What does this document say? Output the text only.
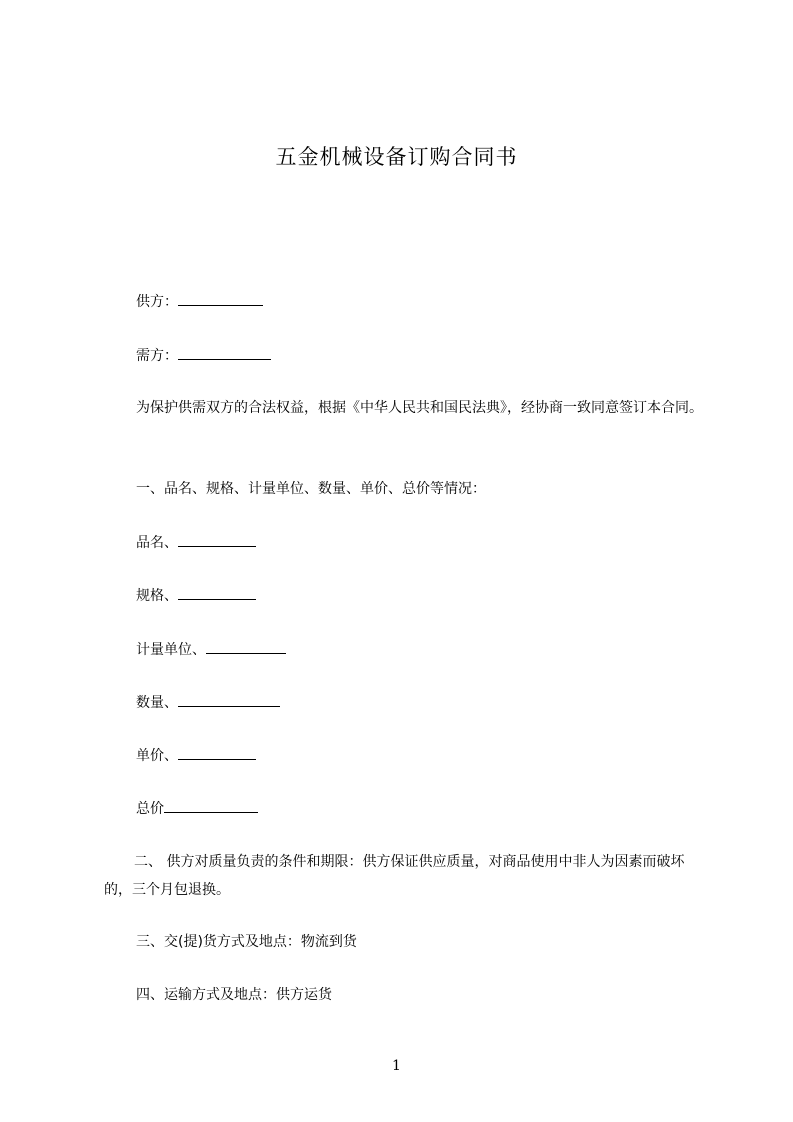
五金机械设备订购合同书
供方：
需方：
为保护供需双方的合法权益，根据《中华人民共和国民法典》，经协商一致同意签订本合同。
一、品名、规格、计量单位、数量、单价、总价等情况：
品名、
规格、
计量单位、
数量、
单价、
总价
二、 供方对质量负责的条件和期限：供方保证供应质量，对商品使用中非人为因素而破坏的，三个月包退换。
三、交(提)货方式及地点：物流到货
四、运输方式及地点：供方运货
1
